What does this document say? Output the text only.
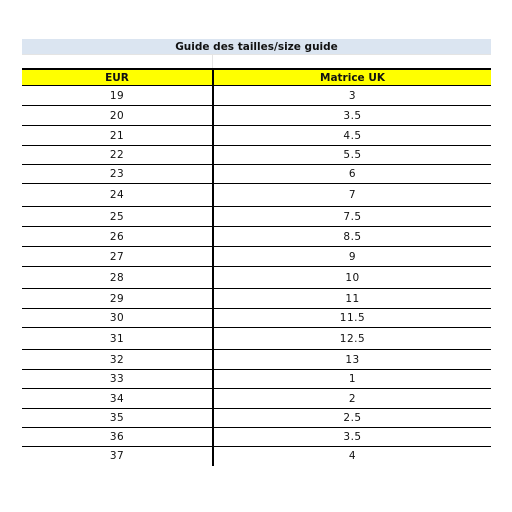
Guide des tailles/size guide
EUR	Matrice UK
19	3
20	3.5
21	4.5
22	5.5
23	6
24	7
25	7.5
26	8.5
27	9
28	10
29	11
30	11.5
31	12.5
32	13
33	1
34	2
35	2.5
36	3.5
37	4
